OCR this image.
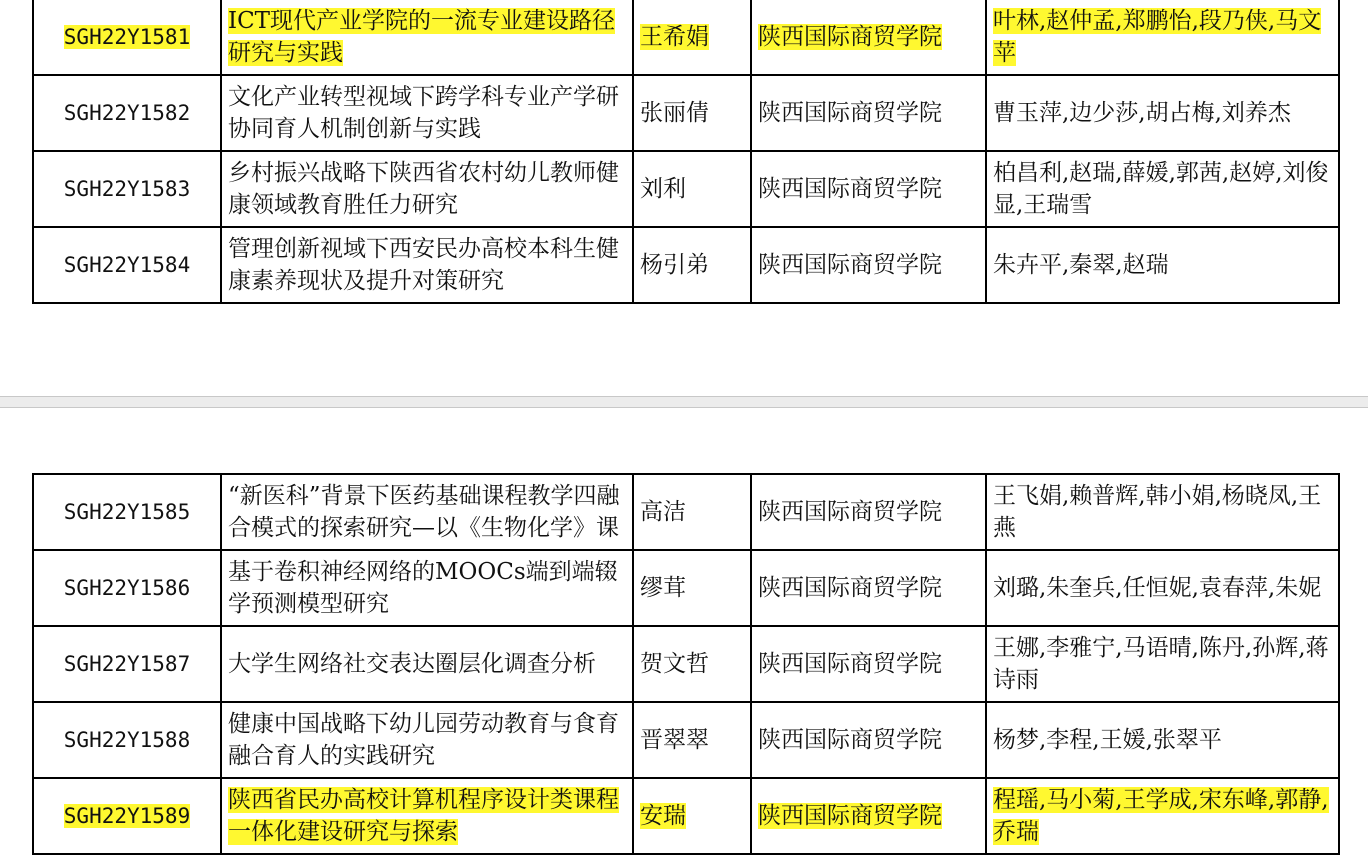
SGH22Y1581	ICT现代产业学院的一流专业建设路径研究与实践	王希娟	陕西国际商贸学院	叶林,赵仲孟,郑鹏怡,段乃侠,马文苹
SGH22Y1582	文化产业转型视域下跨学科专业产学研协同育人机制创新与实践	张丽倩	陕西国际商贸学院	曹玉萍,边少莎,胡占梅,刘养杰

SGH22Y1583	乡村振兴战略下陕西省农村幼儿教师健康领域教育胜任力研究	刘利	陕西国际商贸学院	柏昌利,赵瑞,薛媛,郭茜,赵婷,刘俊显,王瑞雪

SGH22Y1584	管理创新视域下西安民办高校本科生健康素养现状及提升对策研究	杨引弟	陕西国际商贸学院	朱卉平,秦翠,赵瑞
SGH22Y1585	“新医科”背景下医药基础课程教学四融合模式的探索研究—以《生物化学》课	高洁	陕西国际商贸学院	王飞娟,赖普辉,韩小娟,杨晓凤,王燕

SGH22Y1586	基于卷积神经网络的MOOCs端到端辍学预测模型研究	缪茸	陕西国际商贸学院	刘璐,朱奎兵,任恒妮,袁春萍,朱妮

SGH22Y1587	大学生网络社交表达圈层化调查分析	贺文哲	陕西国际商贸学院	王娜,李雅宁,马语晴,陈丹,孙辉,蒋诗雨

SGH22Y1588	健康中国战略下幼儿园劳动教育与食育融合育人的实践研究	晋翠翠	陕西国际商贸学院	杨梦,李程,王媛,张翠平

SGH22Y1589	陕西省民办高校计算机程序设计类课程一体化建设研究与探索	安瑞	陕西国际商贸学院	程瑶,马小菊,王学成,宋东峰,郭静,乔瑞
